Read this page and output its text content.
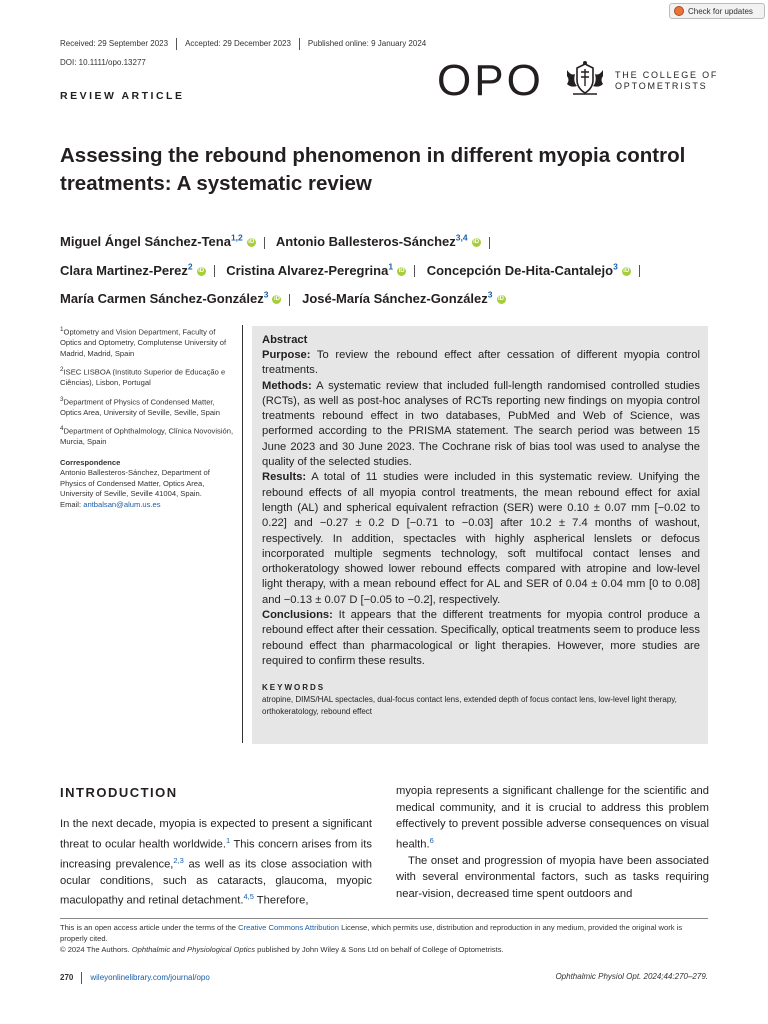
Check for updates
Received: 29 September 2023 Accepted: 29 December 2023 Published online: 9 January 2024
DOI: 10.1111/opo.13277
REVIEW ARTICLE	OPO	THE COLLEGE OF
OPTOMETRISTS
Assessing the rebound phenomenon in different myopia control treatments: A systematic review
Miguel Ángel Sánchez-Tena$^{1,2}$ iD Antonio Ballesteros-Sánchez$^{3,4}$ iD
Clara Martinez-Perez$^2$ iD Cristina Alvarez-Peregrina$^1$ iD Concepción De-Hita-Cantalejo$^3$ iD
María Carmen Sánchez-González$^3$ iD José-María Sánchez-González$^3$ iD

$^1$Optometry and Vision Department, Faculty of Optics and Optometry, Complutense University of Madrid, Madrid, Spain

$^2$ISEC LISBOA (Instituto Superior de Educação e Ciências), Lisbon, Portugal

$^3$Department of Physics of Condensed Matter, Optics Area, University of Seville, Seville, Spain

$^4$Department of Ophthalmology, Clínica Novovisión, Murcia, Spain

Correspondence

Antonio Ballesteros-Sánchez, Department of Physics of Condensed Matter, Optics Area, University of Seville, Seville 41004, Spain.
Email: antbalsan@alum.us.es

Abstract

Purpose: To review the rebound effect after cessation of different myopia control treatments.

Methods: A systematic review that included full-length randomised controlled studies (RCTs), as well as post-hoc analyses of RCTs reporting new findings on myopia control treatments rebound effect in two databases, PubMed and Web of Science, was performed according to the PRISMA statement. The search period was between 15 June 2023 and 30 June 2023. The Cochrane risk of bias tool was used to analyse the quality of the selected studies.

Results: A total of 11 studies were included in this systematic review. Unifying the rebound effects of all myopia control treatments, the mean rebound effect for axial length (AL) and spherical equivalent refraction (SER) were 0.10 ± 0.07 mm [−0.02 to 0.22] and −0.27 ± 0.2 D [−0.71 to −0.03] after 10.2 ± 7.4 months of washout, respectively. In addition, spectacles with highly aspherical lenslets or defocus incorporated multiple segments technology, soft multifocal contact lenses and orthokeratology showed lower rebound effects compared with atropine and low-level light therapy, with a mean rebound effect for AL and SER of 0.04 ± 0.04 mm [0 to 0.08] and −0.13 ± 0.07 D [−0.05 to −0.2], respectively.

Conclusions: It appears that the different treatments for myopia control produce a rebound effect after their cessation. Specifically, optical treatments seem to produce less rebound effect than pharmacological or light therapies. However, more studies are required to confirm these results.

KEYWORDS
atropine, DIMS/HAL spectacles, dual-focus contact lens, extended depth of focus contact lens, low-level light therapy, orthokeratology, rebound effect
INTRODUCTION

In the next decade, myopia is expected to present a significant threat to ocular health worldwide.$^1$ This concern arises from its increasing prevalence,$^{2,3}$ as well as its close association with ocular conditions, such as cataracts, glaucoma, myopic maculopathy and retinal detachment.$^{4,5}$ Therefore,

myopia represents a significant challenge for the scientific and medical community, and it is crucial to address this problem effectively to prevent possible adverse consequences on visual health.$^6$

The onset and progression of myopia have been associated with several environmental factors, such as tasks requiring near-vision, decreased time spent outdoors and

This is an open access article under the terms of the Creative Commons Attribution License, which permits use, distribution and reproduction in any medium, provided the original work is properly cited.
© 2024 The Authors. Ophthalmic and Physiological Optics published by John Wiley & Sons Ltd on behalf of College of Optometrists.
270 wileyonlinelibrary.com/journal/opo	Ophthalmic Physiol Opt. 2024;44:270–279.
